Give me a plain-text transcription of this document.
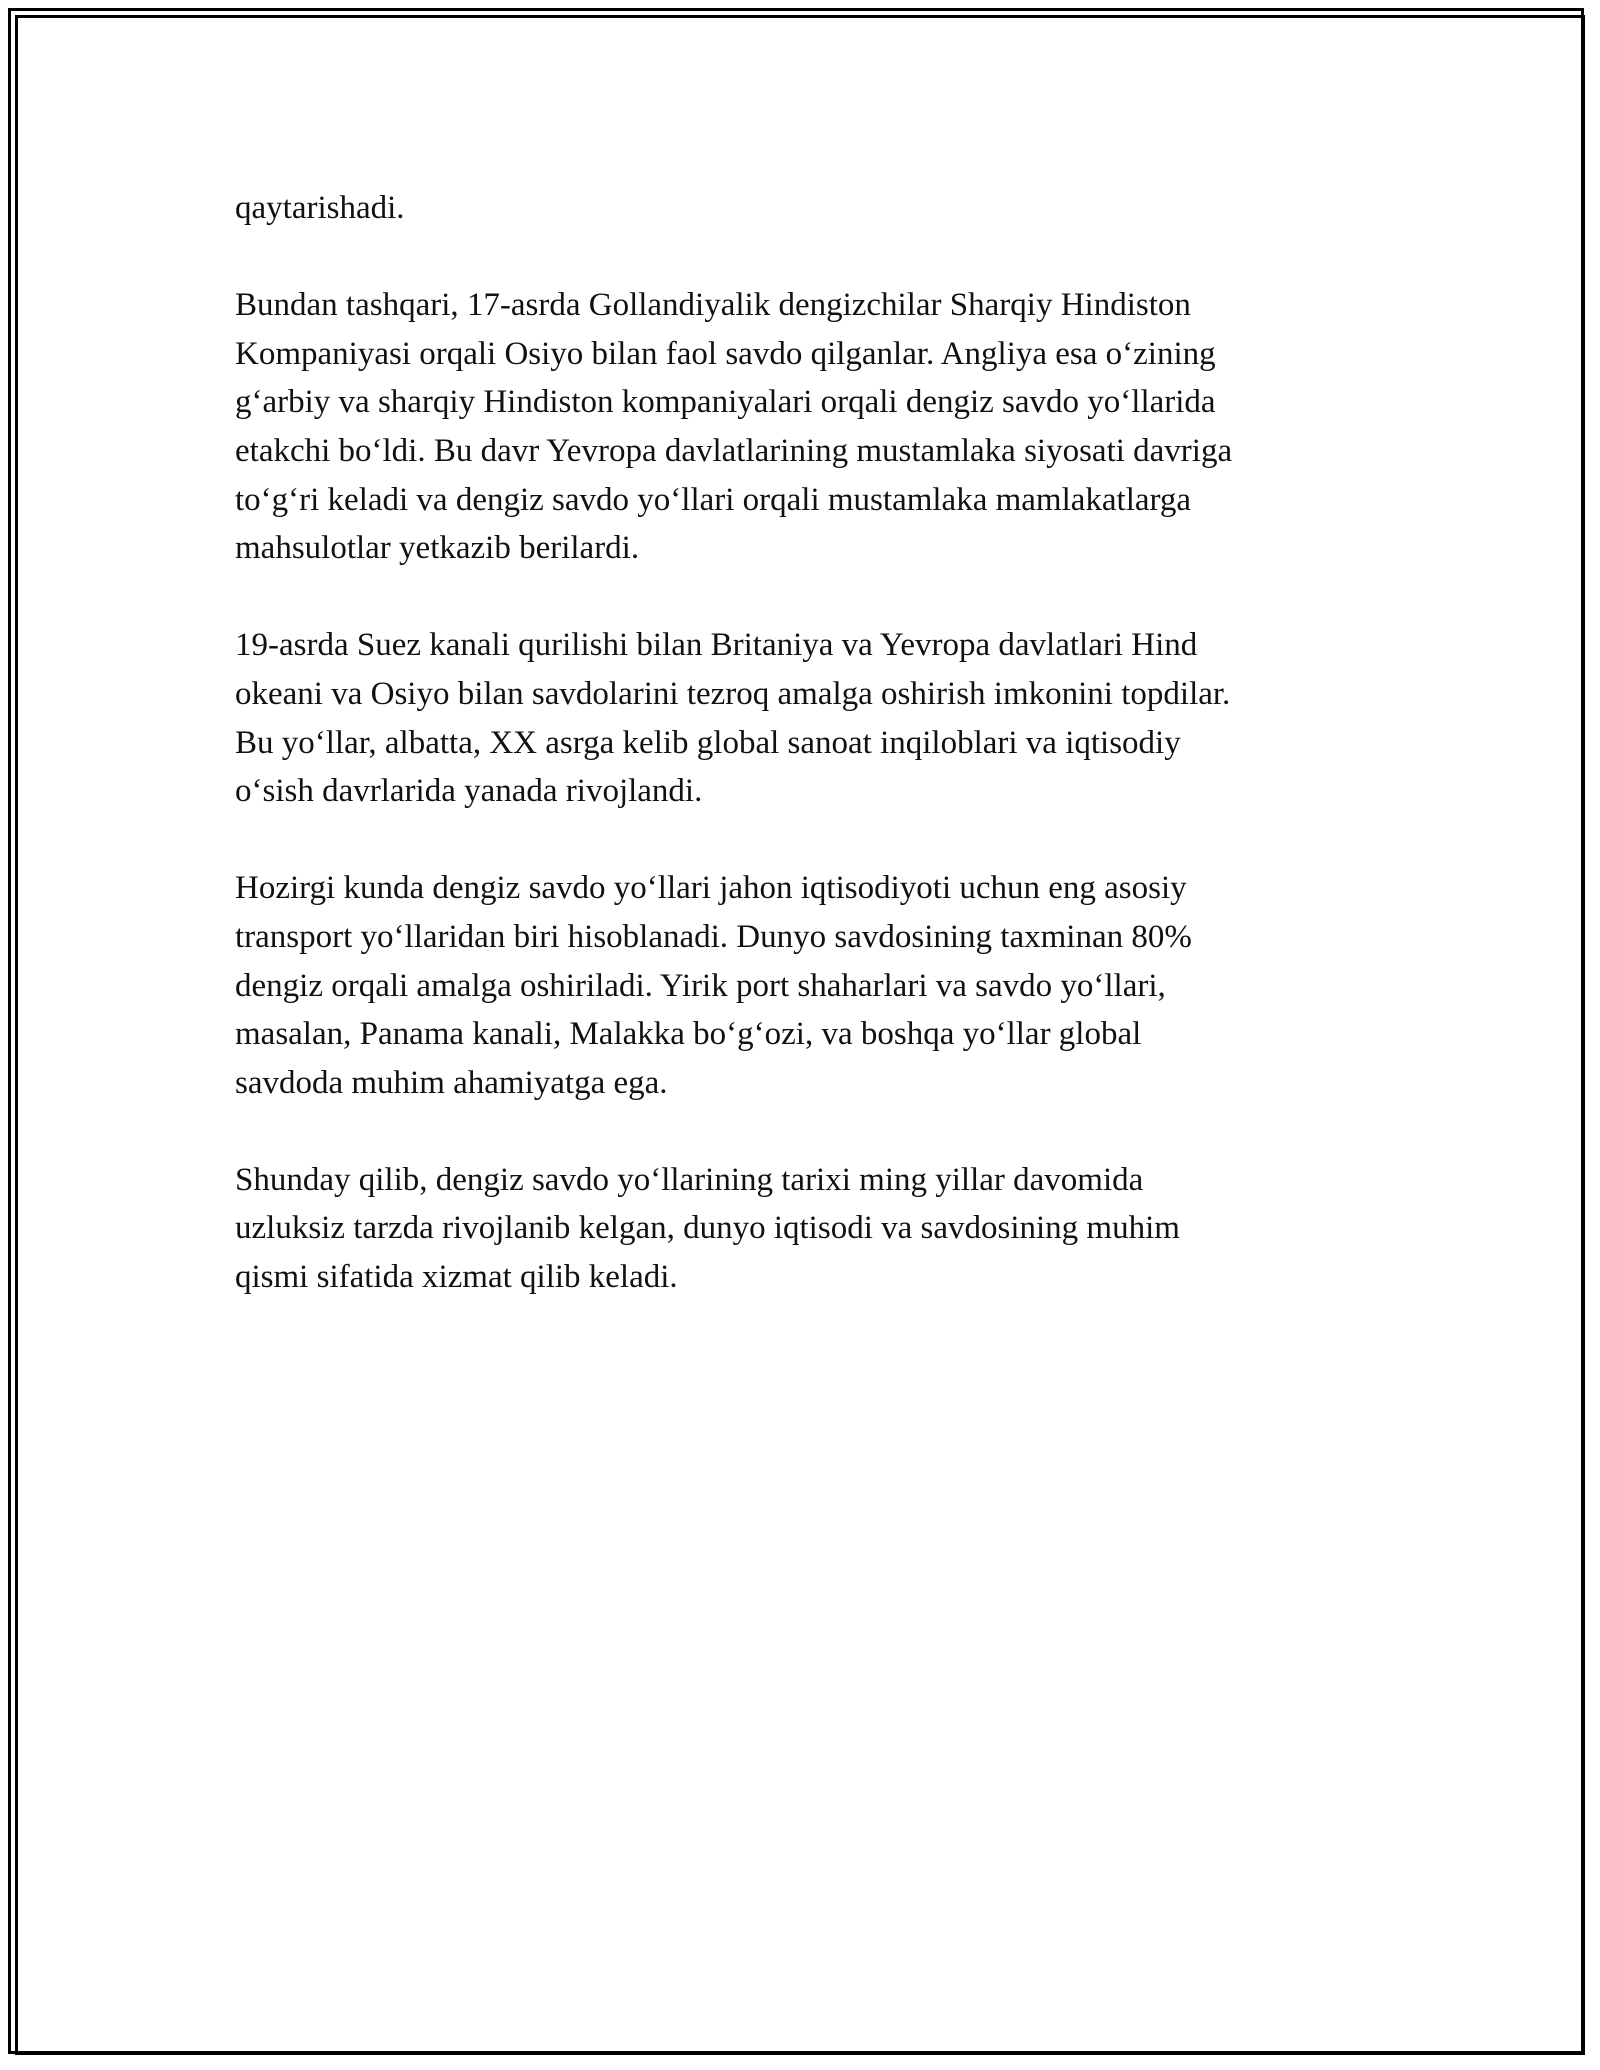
qaytarishadi.

Bundan tashqari, 17-asrda Gollandiyalik dengizchilar Sharqiy Hindiston
Kompaniyasi orqali Osiyo bilan faol savdo qilganlar. Angliya esa o‘zining
g‘arbiy va sharqiy Hindiston kompaniyalari orqali dengiz savdo yo‘llarida
etakchi bo‘ldi. Bu davr Yevropa davlatlarining mustamlaka siyosati davriga
to‘g‘ri keladi va dengiz savdo yo‘llari orqali mustamlaka mamlakatlarga
mahsulotlar yetkazib berilardi.

19-asrda Suez kanali qurilishi bilan Britaniya va Yevropa davlatlari Hind
okeani va Osiyo bilan savdolarini tezroq amalga oshirish imkonini topdilar.
Bu yo‘llar, albatta, XX asrga kelib global sanoat inqiloblari va iqtisodiy
o‘sish davrlarida yanada rivojlandi.

Hozirgi kunda dengiz savdo yo‘llari jahon iqtisodiyoti uchun eng asosiy
transport yo‘llaridan biri hisoblanadi. Dunyo savdosining taxminan 80%
dengiz orqali amalga oshiriladi. Yirik port shaharlari va savdo yo‘llari,
masalan, Panama kanali, Malakka bo‘g‘ozi, va boshqa yo‘llar global
savdoda muhim ahamiyatga ega.

Shunday qilib, dengiz savdo yo‘llarining tarixi ming yillar davomida
uzluksiz tarzda rivojlanib kelgan, dunyo iqtisodi va savdosining muhim
qismi sifatida xizmat qilib keladi.
